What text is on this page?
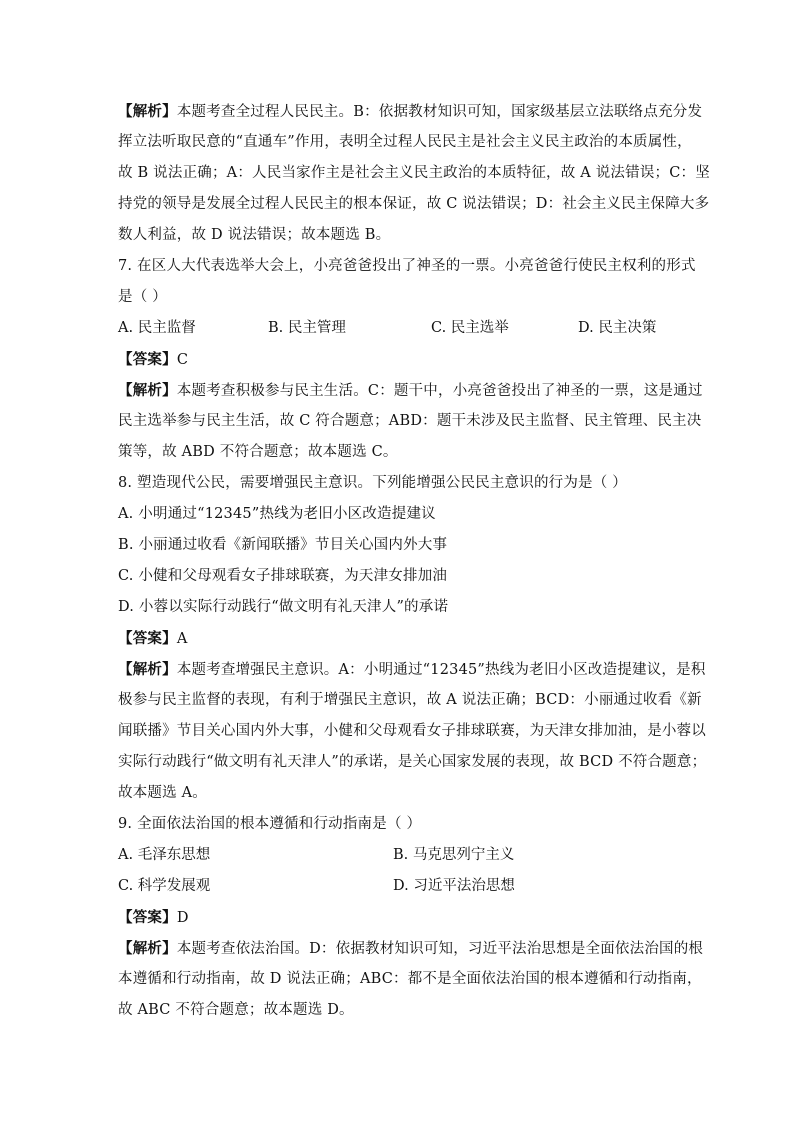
【解析】本题考查全过程人民民主。B：依据教材知识可知，国家级基层立法联络点充分发
挥立法听取民意的“直通车”作用，表明全过程人民民主是社会主义民主政治的本质属性，
故 B 说法正确；A：人民当家作主是社会主义民主政治的本质特征，故 A 说法错误；C：坚
持党的领导是发展全过程人民民主的根本保证，故 C 说法错误；D：社会主义民主保障大多
数人利益，故 D 说法错误；故本题选 B。
7. 在区人大代表选举大会上，小亮爸爸投出了神圣的一票。小亮爸爸行使民主权利的形式
是（ ）
A. 民主监督	B. 民主管理	C. 民主选举	D. 民主决策
【答案】C
【解析】本题考查积极参与民主生活。C：题干中，小亮爸爸投出了神圣的一票，这是通过
民主选举参与民主生活，故 C 符合题意；ABD：题干未涉及民主监督、民主管理、民主决
策等，故 ABD 不符合题意；故本题选 C。
8. 塑造现代公民，需要增强民主意识。下列能增强公民民主意识的行为是（ ）
A. 小明通过“12345”热线为老旧小区改造提建议
B. 小丽通过收看《新闻联播》节目关心国内外大事
C. 小健和父母观看女子排球联赛，为天津女排加油
D. 小蓉以实际行动践行“做文明有礼天津人”的承诺
【答案】A
【解析】本题考查增强民主意识。A：小明通过“12345”热线为老旧小区改造提建议，是积
极参与民主监督的表现，有利于增强民主意识，故 A 说法正确；BCD：小丽通过收看《新
闻联播》节目关心国内外大事，小健和父母观看女子排球联赛，为天津女排加油，是小蓉以
实际行动践行“做文明有礼天津人”的承诺，是关心国家发展的表现，故 BCD 不符合题意；
故本题选 A。
9. 全面依法治国的根本遵循和行动指南是（ ）
A. 毛泽东思想	B. 马克思列宁主义
C. 科学发展观	D. 习近平法治思想
【答案】D
【解析】本题考查依法治国。D：依据教材知识可知，习近平法治思想是全面依法治国的根
本遵循和行动指南，故 D 说法正确；ABC：都不是全面依法治国的根本遵循和行动指南，
故 ABC 不符合题意；故本题选 D。
